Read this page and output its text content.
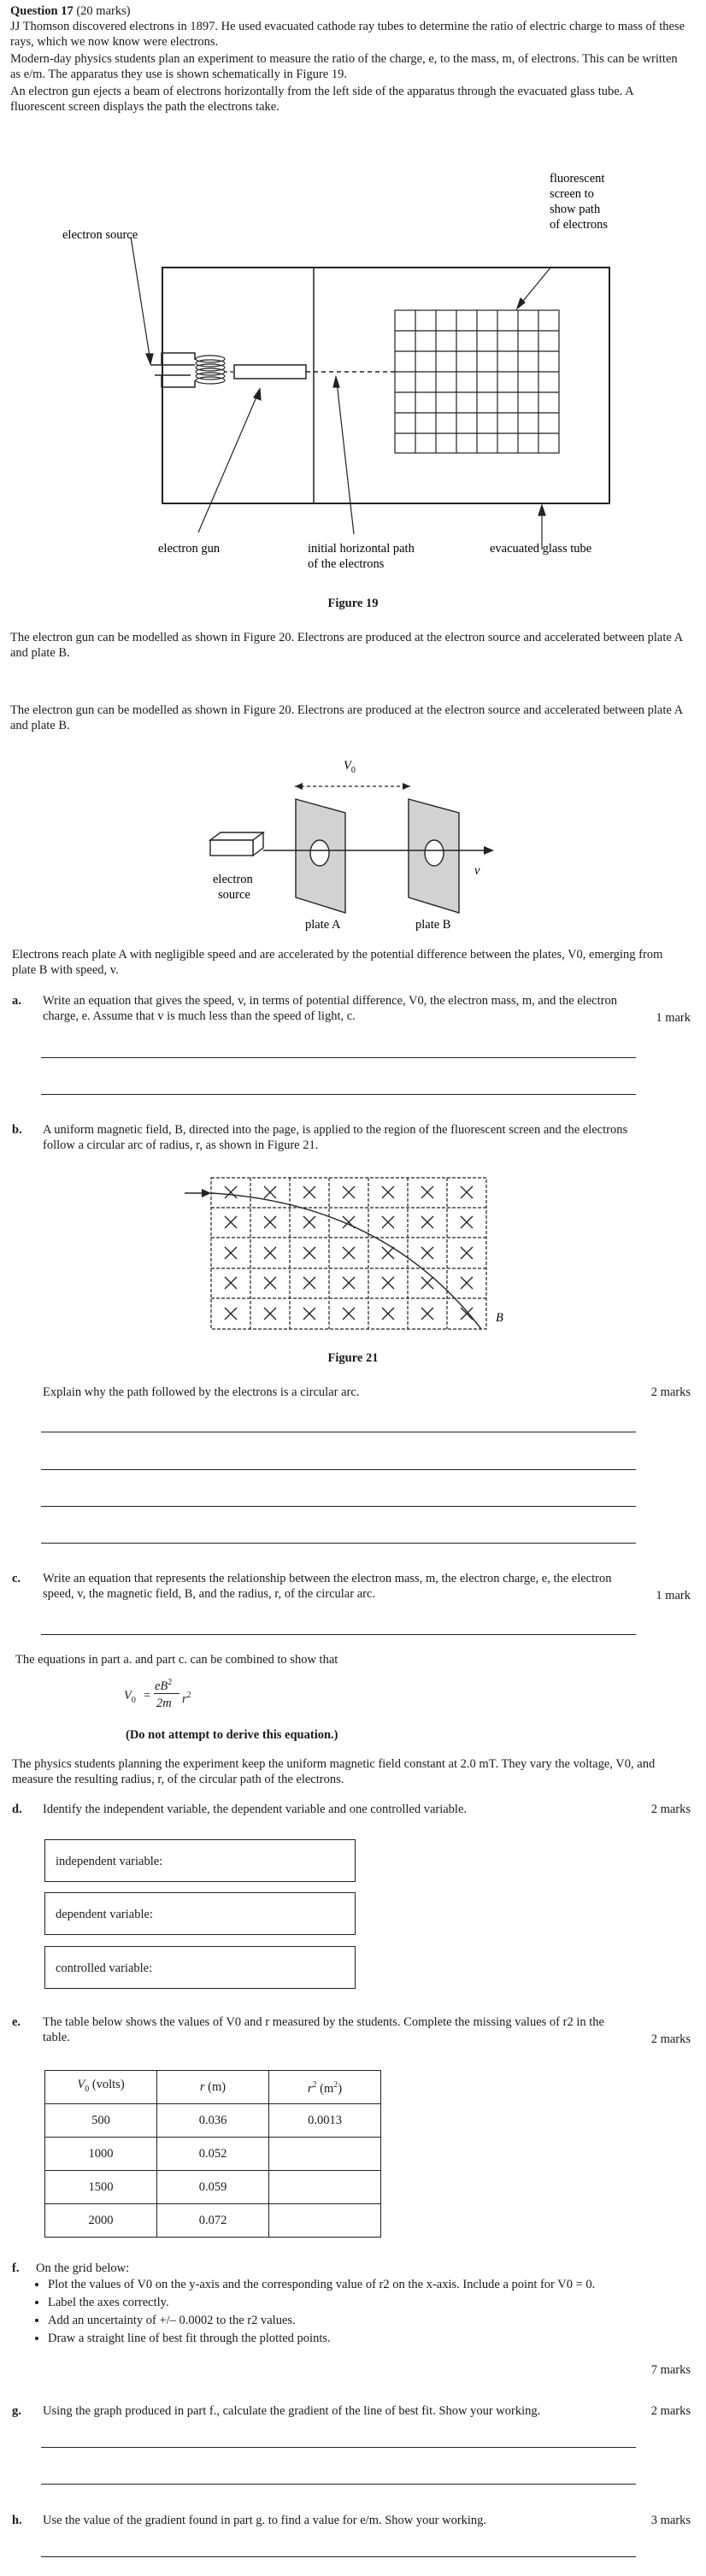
Question 17 (20 marks)
JJ Thomson discovered electrons in 1897. He used evacuated cathode ray tubes to determine the ratio of electric charge to mass of these rays, which we now know were electrons.
Modern-day physics students plan an experiment to measure the ratio of the charge, e, to the mass, m, of electrons. This can be written as e/m. The apparatus they use is shown schematically in Figure 19.
An electron gun ejects a beam of electrons horizontally from the left side of the apparatus through the evacuated glass tube. A fluorescent screen displays the path the electrons take.
electron source
fluorescent
screen to
show path
of electrons
electron gun	initial horizontal path
of the electrons
evacuated glass tube
Figure 19
The electron gun can be modelled as shown in Figure 20. Electrons are produced at the electron source and accelerated between plate A and plate B.
The electron gun can be modelled as shown in Figure 20. Electrons are produced at the electron source and accelerated between plate A and plate B.
$V_0$
v
electron
source
plate A	plate B
Electrons reach plate A with negligible speed and are accelerated by the potential difference between the plates, V0, emerging from plate B with speed, v.
a. Write an equation that gives the speed, v, in terms of potential difference, V0, the electron mass, m, and the electron charge, e. Assume that v is much less than the speed of light, c.	1 mark
b. A uniform magnetic field, B, directed into the page, is applied to the region of the fluorescent screen and the electrons follow a circular arc of radius, r, as shown in Figure 21.
B
Figure 21
Explain why the path followed by the electrons is a circular arc.	2 marks
c. Write an equation that represents the relationship between the electron mass, m, the electron charge, e, the electron speed, v, the magnetic field, B, and the radius, r, of the circular arc.	1 mark
The equations in part a. and part c. can be combined to show that
$V_0$ =
$eB^2$
2m $r^2$
(Do not attempt to derive this equation.)
The physics students planning the experiment keep the uniform magnetic field constant at 2.0 mT. They vary the voltage, V0, and measure the resulting radius, r, of the circular path of the electrons.
d. Identify the independent variable, the dependent variable and one controlled variable.	2 marks
independent variable:
dependent variable:
controlled variable:
e. The table below shows the values of V0 and r measured by the students. Complete the missing values of r2 in the table.	2 marks
$V_0$ (volts)	r (m)	$r^2$ $(m^2)$
500	0.036	0.0013
1000	0.052	
1500	0.059	
2000	0.072	
f. On the grid below:
• Plot the values of V0 on the y-axis and the corresponding value of r2 on the x-axis. Include a point for V0 = 0.
• Label the axes correctly.
• Add an uncertainty of +/– 0.0002 to the r2 values.
• Draw a straight line of best fit through the plotted points.
7 marks
g. Using the graph produced in part f., calculate the gradient of the line of best fit. Show your working.	2 marks
h. Use the value of the gradient found in part g. to find a value for e/m. Show your working.	3 marks
